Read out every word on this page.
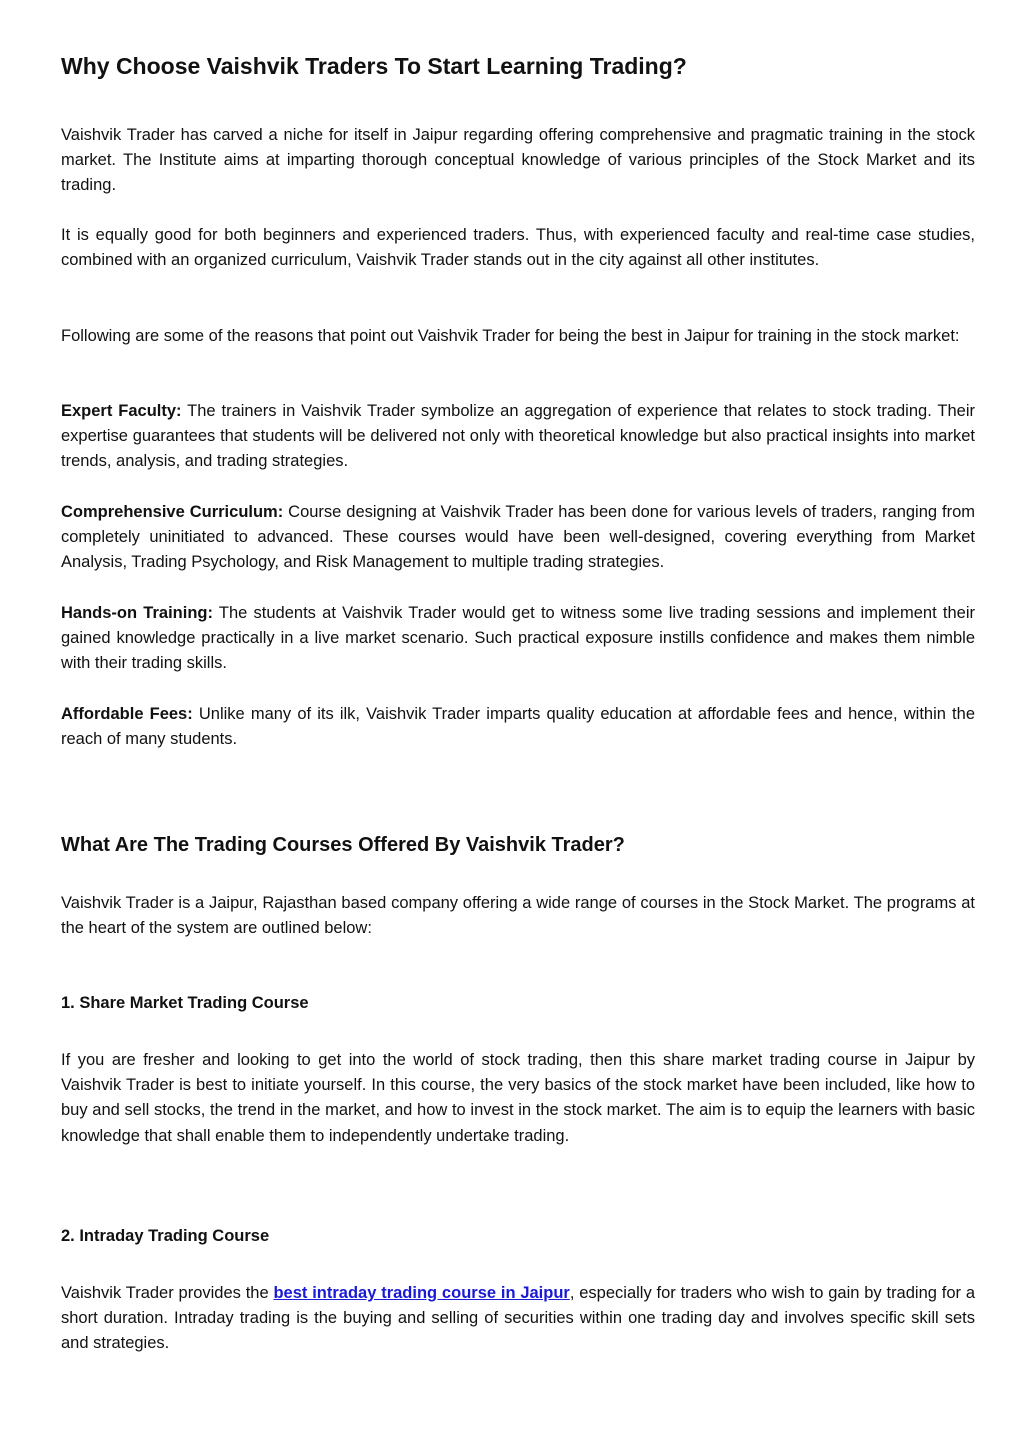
Why Choose Vaishvik Traders To Start Learning Trading?

Vaishvik Trader has carved a niche for itself in Jaipur regarding offering comprehensive and pragmatic training in the stock market. The Institute aims at imparting thorough conceptual knowledge of various principles of the Stock Market and its trading.

It is equally good for both beginners and experienced traders. Thus, with experienced faculty and real-time case studies, combined with an organized curriculum, Vaishvik Trader stands out in the city against all other institutes.

Following are some of the reasons that point out Vaishvik Trader for being the best in Jaipur for training in the stock market:

Expert Faculty: The trainers in Vaishvik Trader symbolize an aggregation of experience that relates to stock trading. Their expertise guarantees that students will be delivered not only with theoretical knowledge but also practical insights into market trends, analysis, and trading strategies.

Comprehensive Curriculum: Course designing at Vaishvik Trader has been done for various levels of traders, ranging from completely uninitiated to advanced. These courses would have been well-designed, covering everything from Market Analysis, Trading Psychology, and Risk Management to multiple trading strategies.

Hands-on Training: The students at Vaishvik Trader would get to witness some live trading sessions and implement their gained knowledge practically in a live market scenario. Such practical exposure instills confidence and makes them nimble with their trading skills.

Affordable Fees: Unlike many of its ilk, Vaishvik Trader imparts quality education at affordable fees and hence, within the reach of many students.

What Are The Trading Courses Offered By Vaishvik Trader?

Vaishvik Trader is a Jaipur, Rajasthan based company offering a wide range of courses in the Stock Market. The programs at the heart of the system are outlined below:

1. Share Market Trading Course

If you are fresher and looking to get into the world of stock trading, then this share market trading course in Jaipur by Vaishvik Trader is best to initiate yourself. In this course, the very basics of the stock market have been included, like how to buy and sell stocks, the trend in the market, and how to invest in the stock market. The aim is to equip the learners with basic knowledge that shall enable them to independently undertake trading.

2. Intraday Trading Course

Vaishvik Trader provides the best intraday trading course in Jaipur, especially for traders who wish to gain by trading for a short duration. Intraday trading is the buying and selling of securities within one trading day and involves specific skill sets and strategies.
